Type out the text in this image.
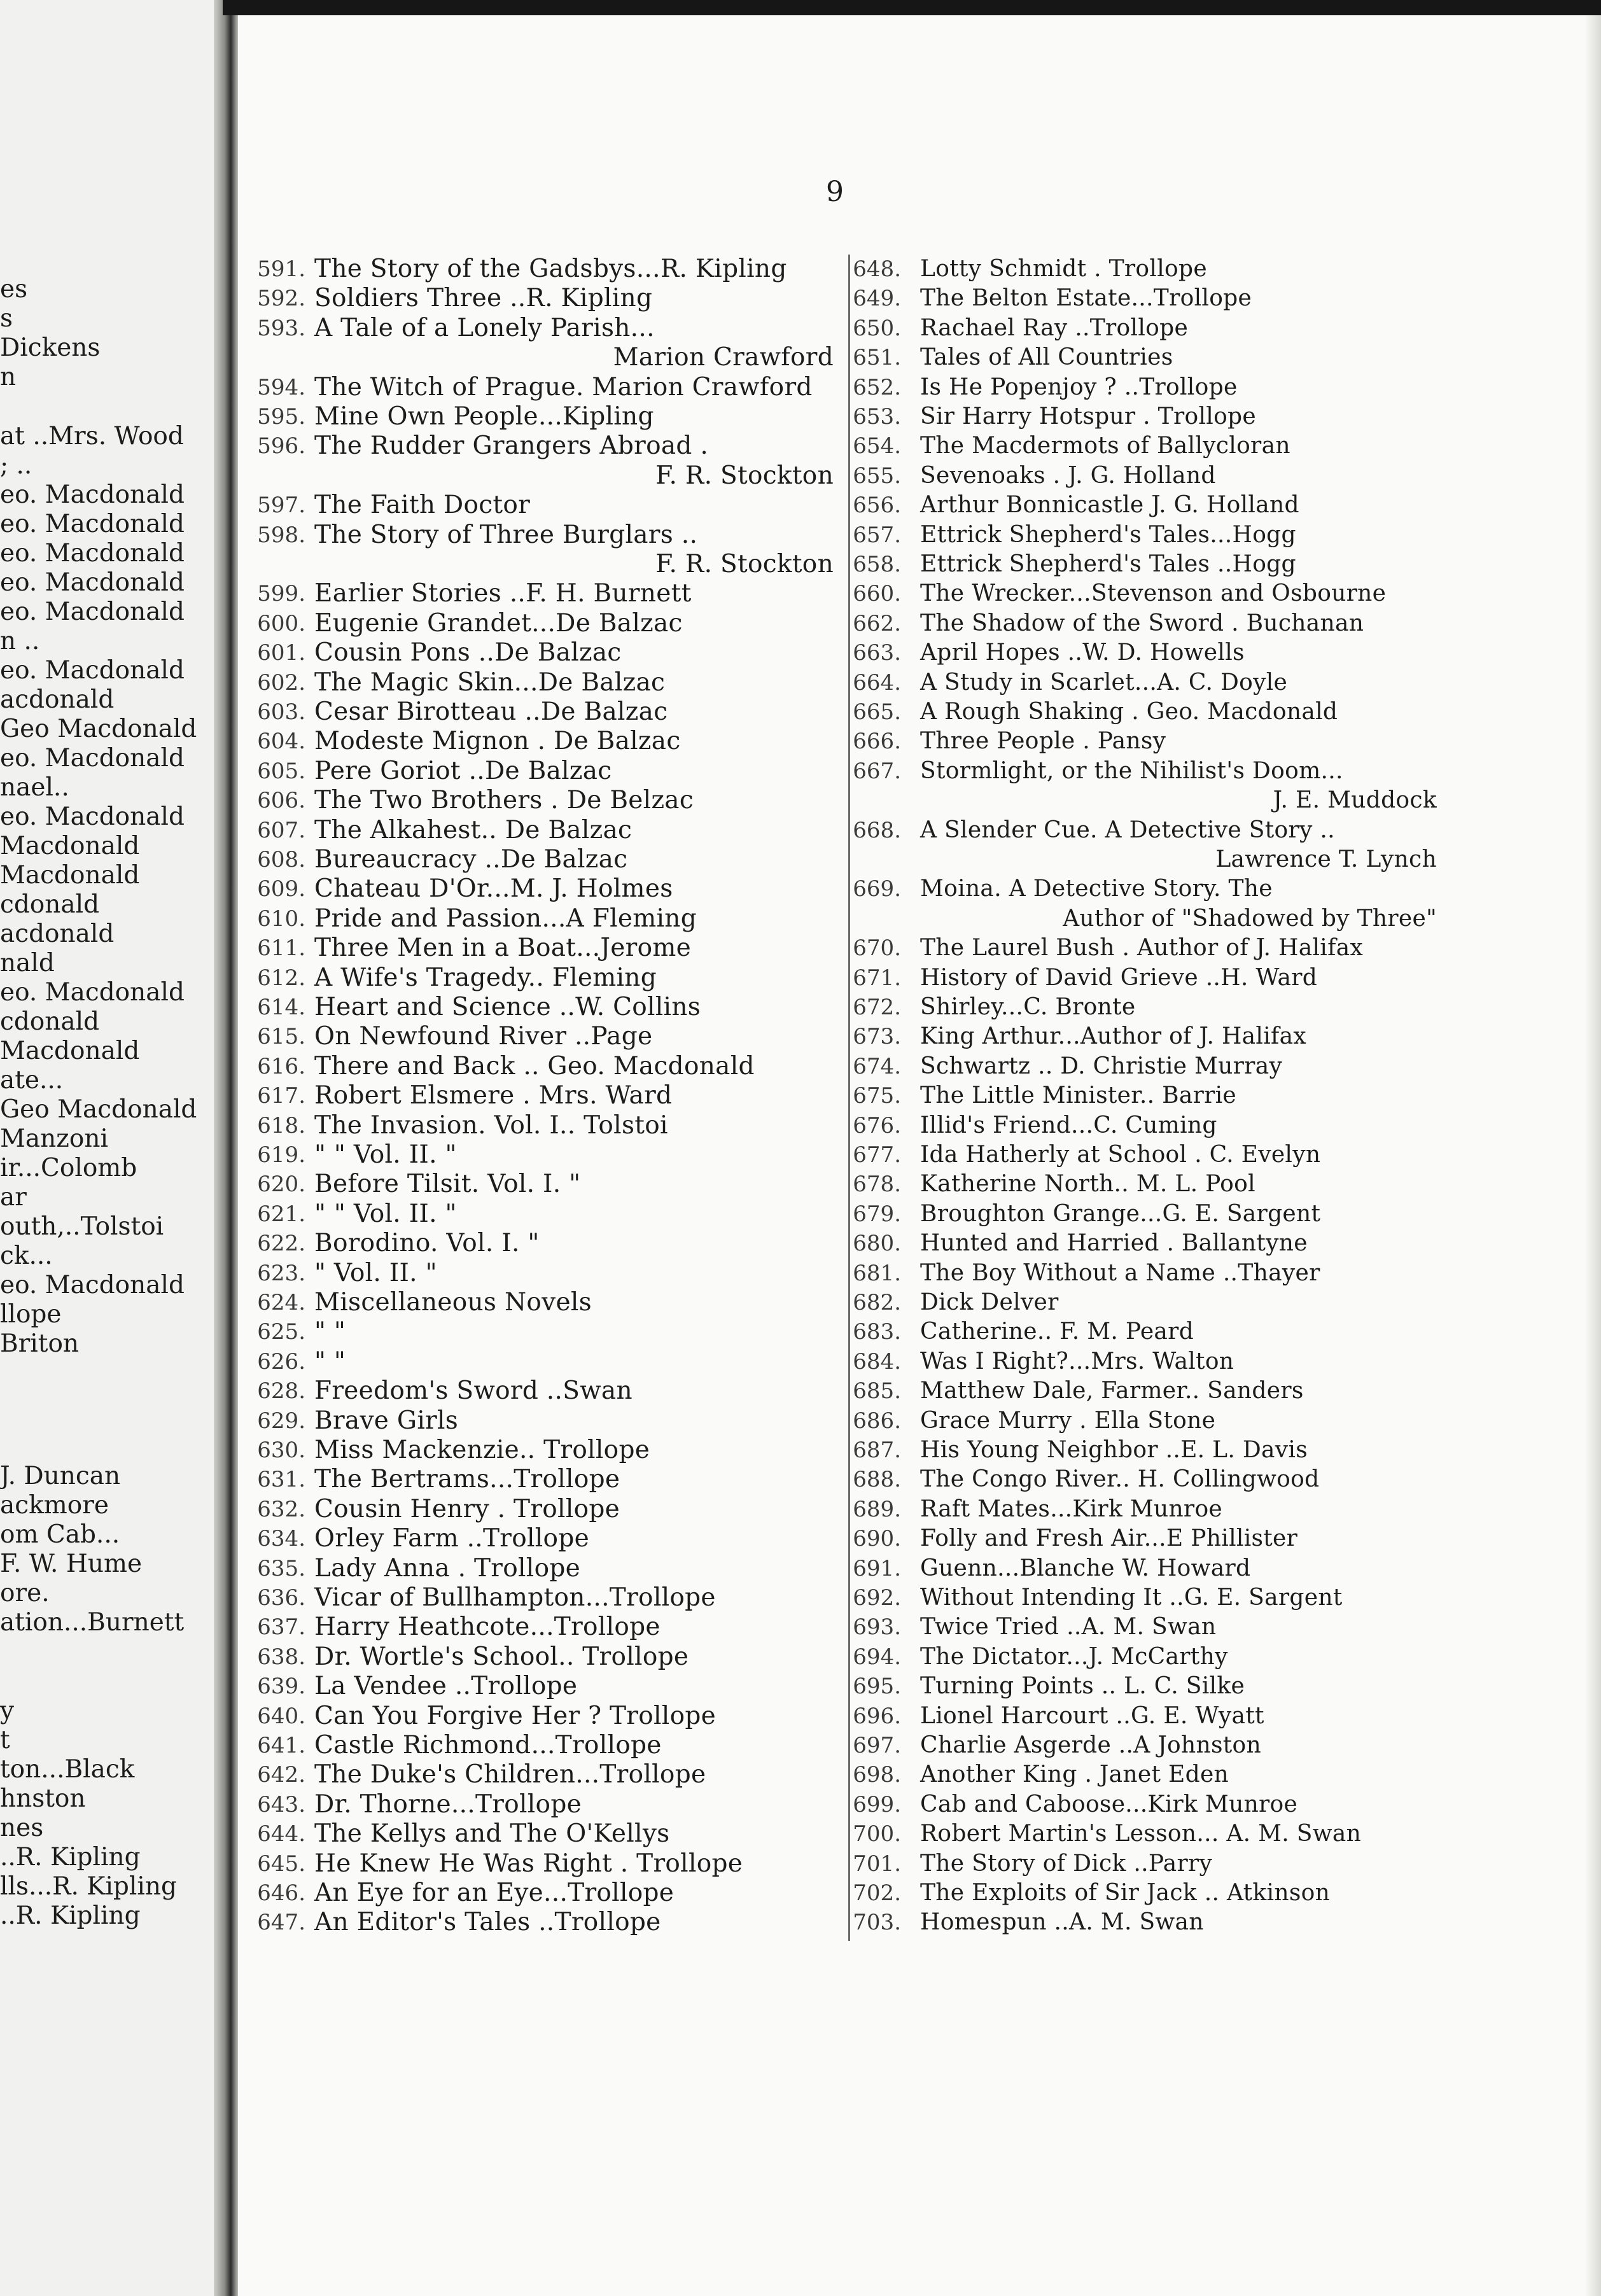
es
s
Dickens
n
at ..Mrs. Wood
; ..
eo. Macdonald
eo. Macdonald
eo. Macdonald
eo. Macdonald
eo. Macdonald
n ..
eo. Macdonald
acdonald
Geo Macdonald
eo. Macdonald
nael..
eo. Macdonald
Macdonald
Macdonald
cdonald
acdonald
nald
eo. Macdonald
cdonald
Macdonald
ate...
Geo Macdonald
Manzoni
ir...Colomb
ar
outh,..Tolstoi
ck...
eo. Macdonald
llope
Briton
J. Duncan
ackmore
om Cab...
F. W. Hume
ore.
ation...Burnett
y
t
ton...Black
hnston
nes
..R. Kipling
lls...R. Kipling
..R. Kipling
9
591. The Story of the Gadsbys...R. Kipling
592. Soldiers Three ..R. Kipling
593. A Tale of a Lonely Parish...
Marion Crawford
594. The Witch of Prague. Marion Crawford
595. Mine Own People...Kipling
596. The Rudder Grangers Abroad .
F. R. Stockton
597. The Faith Doctor
598. The Story of Three Burglars ..
F. R. Stockton
599. Earlier Stories ..F. H. Burnett
600. Eugenie Grandet...De Balzac
601. Cousin Pons ..De Balzac
602. The Magic Skin...De Balzac
603. Cesar Birotteau ..De Balzac
604. Modeste Mignon . De Balzac
605. Pere Goriot ..De Balzac
606. The Two Brothers . De Belzac
607. The Alkahest.. De Balzac
608. Bureaucracy ..De Balzac
609. Chateau D'Or...M. J. Holmes
610. Pride and Passion...A Fleming
611. Three Men in a Boat...Jerome
612. A Wife's Tragedy.. Fleming
614. Heart and Science ..W. Collins
615. On Newfound River ..Page
616. There and Back .. Geo. Macdonald
617. Robert Elsmere . Mrs. Ward
618. The Invasion. Vol. I.. Tolstoi
619. " " Vol. II. "
620. Before Tilsit. Vol. I. "
621. " " Vol. II. "
622. Borodino. Vol. I. "
623. " Vol. II. "
624. Miscellaneous Novels
625. " "
626. " "
628. Freedom's Sword ..Swan
629. Brave Girls
630. Miss Mackenzie.. Trollope
631. The Bertrams...Trollope
632. Cousin Henry . Trollope
634. Orley Farm ..Trollope
635. Lady Anna . Trollope
636. Vicar of Bullhampton...Trollope
637. Harry Heathcote...Trollope
638. Dr. Wortle's School.. Trollope
639. La Vendee ..Trollope
640. Can You Forgive Her ? Trollope
641. Castle Richmond...Trollope
642. The Duke's Children...Trollope
643. Dr. Thorne...Trollope
644. The Kellys and The O'Kellys
645. He Knew He Was Right . Trollope
646. An Eye for an Eye...Trollope
647. An Editor's Tales ..Trollope
648. Lotty Schmidt . Trollope
649. The Belton Estate...Trollope
650. Rachael Ray ..Trollope
651. Tales of All Countries
652. Is He Popenjoy ? ..Trollope
653. Sir Harry Hotspur . Trollope
654. The Macdermots of Ballycloran
655. Sevenoaks . J. G. Holland
656. Arthur Bonnicastle J. G. Holland
657. Ettrick Shepherd's Tales...Hogg
658. Ettrick Shepherd's Tales ..Hogg
660. The Wrecker...Stevenson and Osbourne
662. The Shadow of the Sword . Buchanan
663. April Hopes ..W. D. Howells
664. A Study in Scarlet...A. C. Doyle
665. A Rough Shaking . Geo. Macdonald
666. Three People . Pansy
667. Stormlight, or the Nihilist's Doom...
J. E. Muddock
668. A Slender Cue. A Detective Story ..
Lawrence T. Lynch
669. Moina. A Detective Story. The
Author of "Shadowed by Three"
670. The Laurel Bush . Author of J. Halifax
671. History of David Grieve ..H. Ward
672. Shirley...C. Bronte
673. King Arthur...Author of J. Halifax
674. Schwartz .. D. Christie Murray
675. The Little Minister.. Barrie
676. Illid's Friend...C. Cuming
677. Ida Hatherly at School . C. Evelyn
678. Katherine North.. M. L. Pool
679. Broughton Grange...G. E. Sargent
680. Hunted and Harried . Ballantyne
681. The Boy Without a Name ..Thayer
682. Dick Delver
683. Catherine.. F. M. Peard
684. Was I Right?...Mrs. Walton
685. Matthew Dale, Farmer.. Sanders
686. Grace Murry . Ella Stone
687. His Young Neighbor ..E. L. Davis
688. The Congo River.. H. Collingwood
689. Raft Mates...Kirk Munroe
690. Folly and Fresh Air...E Phillister
691. Guenn...Blanche W. Howard
692. Without Intending It ..G. E. Sargent
693. Twice Tried ..A. M. Swan
694. The Dictator...J. McCarthy
695. Turning Points .. L. C. Silke
696. Lionel Harcourt ..G. E. Wyatt
697. Charlie Asgerde ..A Johnston
698. Another King . Janet Eden
699. Cab and Caboose...Kirk Munroe
700. Robert Martin's Lesson... A. M. Swan
701. The Story of Dick ..Parry
702. The Exploits of Sir Jack .. Atkinson
703. Homespun ..A. M. Swan
